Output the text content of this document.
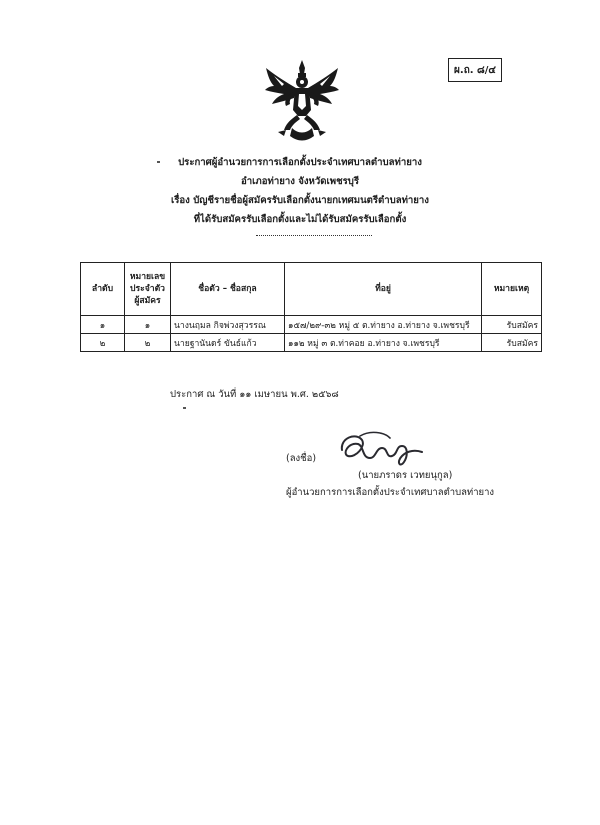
ผ.ถ. ๘/๔
ประกาศผู้อำนวยการการเลือกตั้งประจำเทศบาลตำบลท่ายาง
อำเภอท่ายาง จังหวัดเพชรบุรี
เรื่อง บัญชีรายชื่อผู้สมัครรับเลือกตั้งนายกเทศมนตรีตำบลท่ายาง
ที่ได้รับสมัครรับเลือกตั้งและไม่ได้รับสมัครรับเลือกตั้ง
ลำดับ	หมายเลข
ประจำตัว
ผู้สมัคร	ชื่อตัว – ชื่อสกุล	ที่อยู่	หมายเหตุ
๑	๑	นางนฤมล กิจพ่วงสุวรรณ	๑๕๗/๒๙-๓๒ หมู่ ๕ ต.ท่ายาง อ.ท่ายาง จ.เพชรบุรี	รับสมัคร
๒	๒	นายฐานันดร์ ขันธ์แก้ว	๑๑๒ หมู่ ๓ ต.ท่าคอย อ.ท่ายาง จ.เพชรบุรี	รับสมัคร
ประกาศ ณ วันที่ ๑๑ เมษายน พ.ศ. ๒๕๖๘
(ลงชื่อ)
(นายภราดร เวทยนุกูล)
ผู้อำนวยการการเลือกตั้งประจำเทศบาลตำบลท่ายาง
